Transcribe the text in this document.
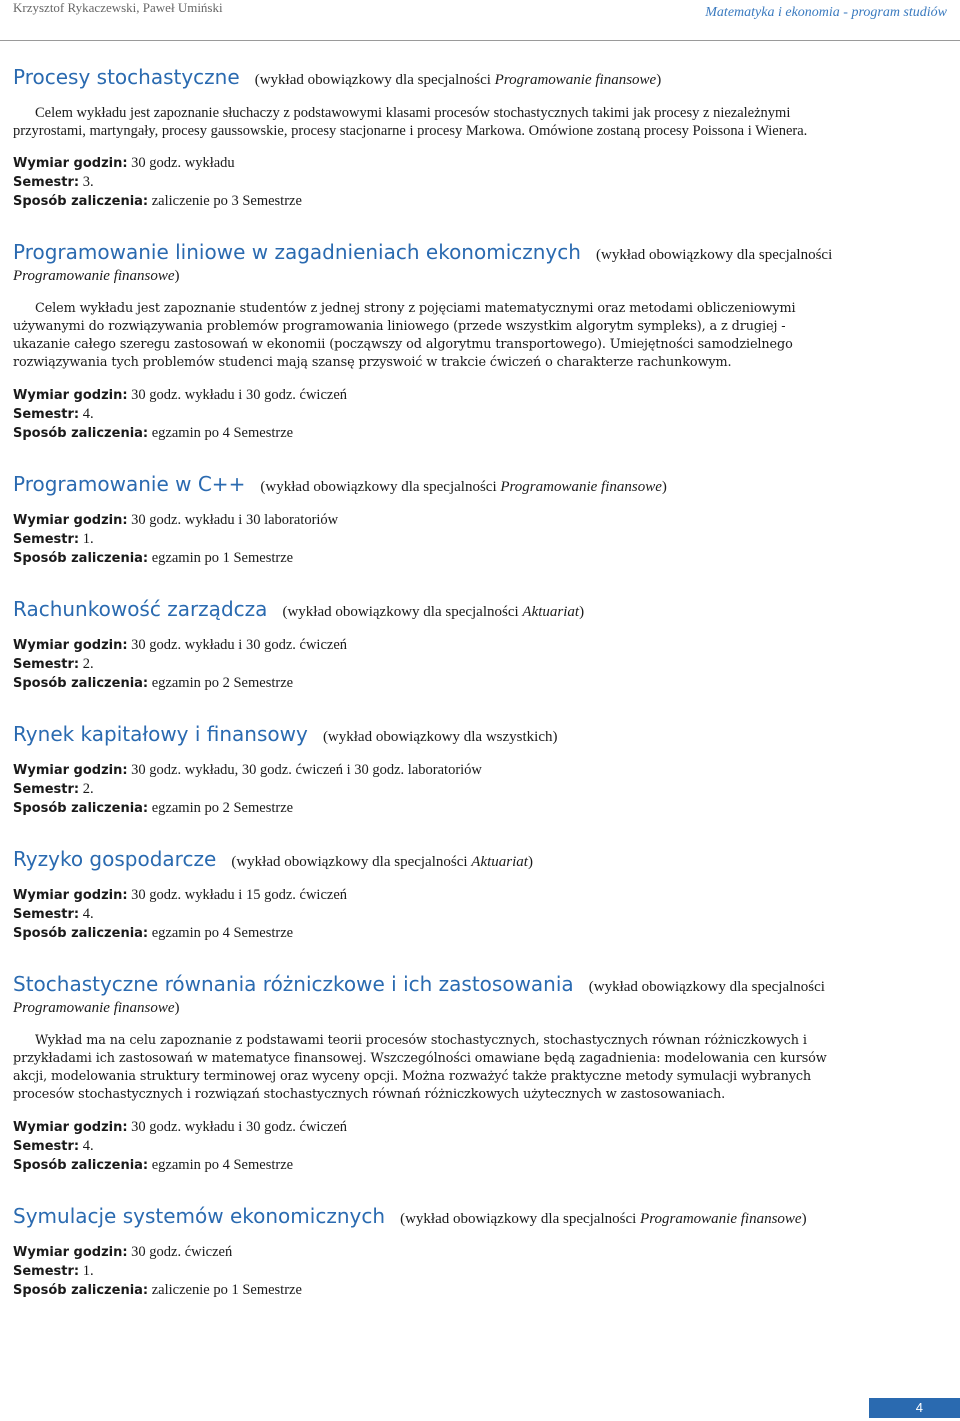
Krzysztof Rykaczewski, Paweł Umiński	Matematyka i ekonomia - program studiów
Procesy stochastyczne (wykład obowiązkowy dla specjalności Programowanie finansowe)
Celem wykładu jest zapoznanie słuchaczy z podstawowymi klasami procesów stochastycznych takimi jak procesy z niezależnymi przyrostami, martyngały, procesy gaussowskie, procesy stacjonarne i procesy Markowa. Omówione zostaną procesy Poissona i Wienera.
Wymiar godzin: 30 godz. wykładu
Semestr: 3.
Sposób zaliczenia: zaliczenie po 3 Semestrze
Programowanie liniowe w zagadnieniach ekonomicznych (wykład obowiązkowy dla specjalności Programowanie finansowe)
Celem wykładu jest zapoznanie studentów z jednej strony z pojęciami matematycznymi oraz metodami obliczeniowymi używanymi do rozwiązywania problemów programowania liniowego (przede wszystkim algorytm sympleks), a z drugiej - ukazanie całego szeregu zastosowań w ekonomii (począwszy od algorytmu transportowego). Umiejętności samodzielnego rozwiązywania tych problemów studenci mają szansę przyswoić w trakcie ćwiczeń o charakterze rachunkowym.
Wymiar godzin: 30 godz. wykładu i 30 godz. ćwiczeń
Semestr: 4.
Sposób zaliczenia: egzamin po 4 Semestrze
Programowanie w C++ (wykład obowiązkowy dla specjalności Programowanie finansowe)
Wymiar godzin: 30 godz. wykładu i 30 laboratoriów
Semestr: 1.
Sposób zaliczenia: egzamin po 1 Semestrze
Rachunkowość zarządcza (wykład obowiązkowy dla specjalności Aktuariat)
Wymiar godzin: 30 godz. wykładu i 30 godz. ćwiczeń
Semestr: 2.
Sposób zaliczenia: egzamin po 2 Semestrze
Rynek kapitałowy i finansowy (wykład obowiązkowy dla wszystkich)
Wymiar godzin: 30 godz. wykładu, 30 godz. ćwiczeń i 30 godz. laboratoriów
Semestr: 2.
Sposób zaliczenia: egzamin po 2 Semestrze
Ryzyko gospodarcze (wykład obowiązkowy dla specjalności Aktuariat)
Wymiar godzin: 30 godz. wykładu i 15 godz. ćwiczeń
Semestr: 4.
Sposób zaliczenia: egzamin po 4 Semestrze
Stochastyczne równania różniczkowe i ich zastosowania (wykład obowiązkowy dla specjalności Programowanie finansowe)
Wykład ma na celu zapoznanie z podstawami teorii procesów stochastycznych, stochastycznych równan różniczkowych i przykładami ich zastosowań w matematyce finansowej. Wszczególności omawiane będą zagadnienia: modelowania cen kursów akcji, modelowania struktury terminowej oraz wyceny opcji. Można rozważyć także praktyczne metody symulacji wybranych procesów stochastycznych i rozwiązań stochastycznych równań różniczkowych użytecznych w zastosowaniach.
Wymiar godzin: 30 godz. wykładu i 30 godz. ćwiczeń
Semestr: 4.
Sposób zaliczenia: egzamin po 4 Semestrze
Symulacje systemów ekonomicznych (wykład obowiązkowy dla specjalności Programowanie finansowe)
Wymiar godzin: 30 godz. ćwiczeń
Semestr: 1.
Sposób zaliczenia: zaliczenie po 1 Semestrze
4
